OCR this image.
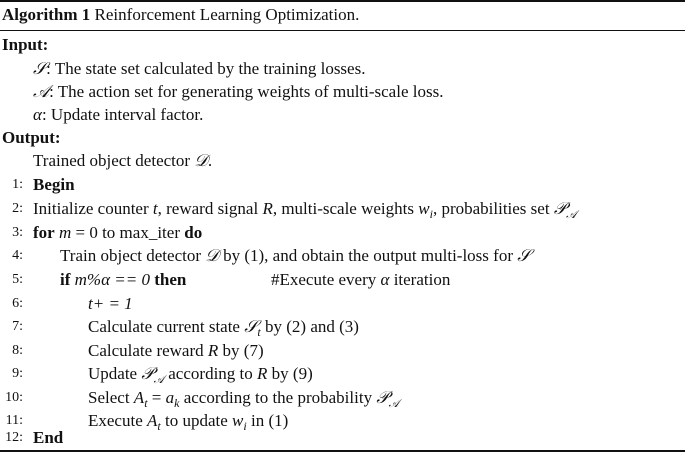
Algorithm 1 Reinforcement Learning Optimization.
Input:
𝒮: The state set calculated by the training losses.
𝒜: The action set for generating weights of multi-scale loss.
α: Update interval factor.
Output:
Trained object detector 𝒟.
1: Begin
2: Initialize counter t, reward signal R, multi-scale weights $w_i$, probabilities set 𝒫$_𝒜$
3: for m = 0 to max_iter do
4: Train object detector 𝒟 by (1), and obtain the output multi-loss for 𝒮
5: if m%α == 0 then	#Execute every α iteration
6:	t+ = 1
7:	Calculate current state 𝒮$_t$ by (2) and (3)
8:	Calculate reward R by (7)
9:	Update 𝒫$_𝒜$ according to R by (9)
10:	Select $A_t = a_k$ according to the probability 𝒫$_𝒜$
11:	Execute $A_t$ to update $w_i$ in (1)
12: End
